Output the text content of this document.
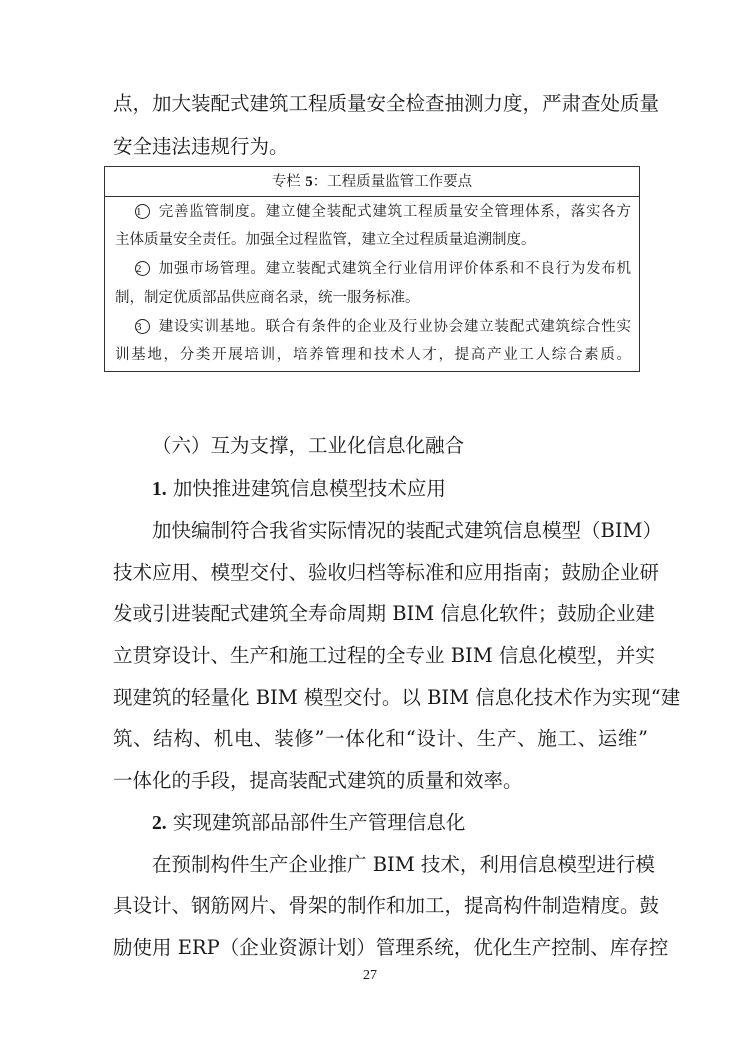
点，加大装配式建筑工程质量安全检查抽测力度，严肃查处质量
安全违法违规行为。
专栏 5：工程质量监管工作要点
1 完善监管制度。建立健全装配式建筑工程质量安全管理体系，落实各方
主体质量安全责任。加强全过程监管，建立全过程质量追溯制度。
2 加强市场管理。建立装配式建筑全行业信用评价体系和不良行为发布机
制，制定优质部品供应商名录，统一服务标准。
3 建设实训基地。联合有条件的企业及行业协会建立装配式建筑综合性实
训基地，分类开展培训，培养管理和技术人才，提高产业工人综合素质。
（六）互为支撑，工业化信息化融合
1. 加快推进建筑信息模型技术应用
加快编制符合我省实际情况的装配式建筑信息模型（BIM）
技术应用、模型交付、验收归档等标准和应用指南；鼓励企业研
发或引进装配式建筑全寿命周期 BIM 信息化软件；鼓励企业建
立贯穿设计、生产和施工过程的全专业 BIM 信息化模型，并实
现建筑的轻量化 BIM 模型交付。以 BIM 信息化技术作为实现“建
筑、结构、机电、装修”一体化和“设计、生产、施工、运维”
一体化的手段，提高装配式建筑的质量和效率。
2. 实现建筑部品部件生产管理信息化
在预制构件生产企业推广 BIM 技术，利用信息模型进行模
具设计、钢筋网片、骨架的制作和加工，提高构件制造精度。鼓
励使用 ERP（企业资源计划）管理系统，优化生产控制、库存控
27
